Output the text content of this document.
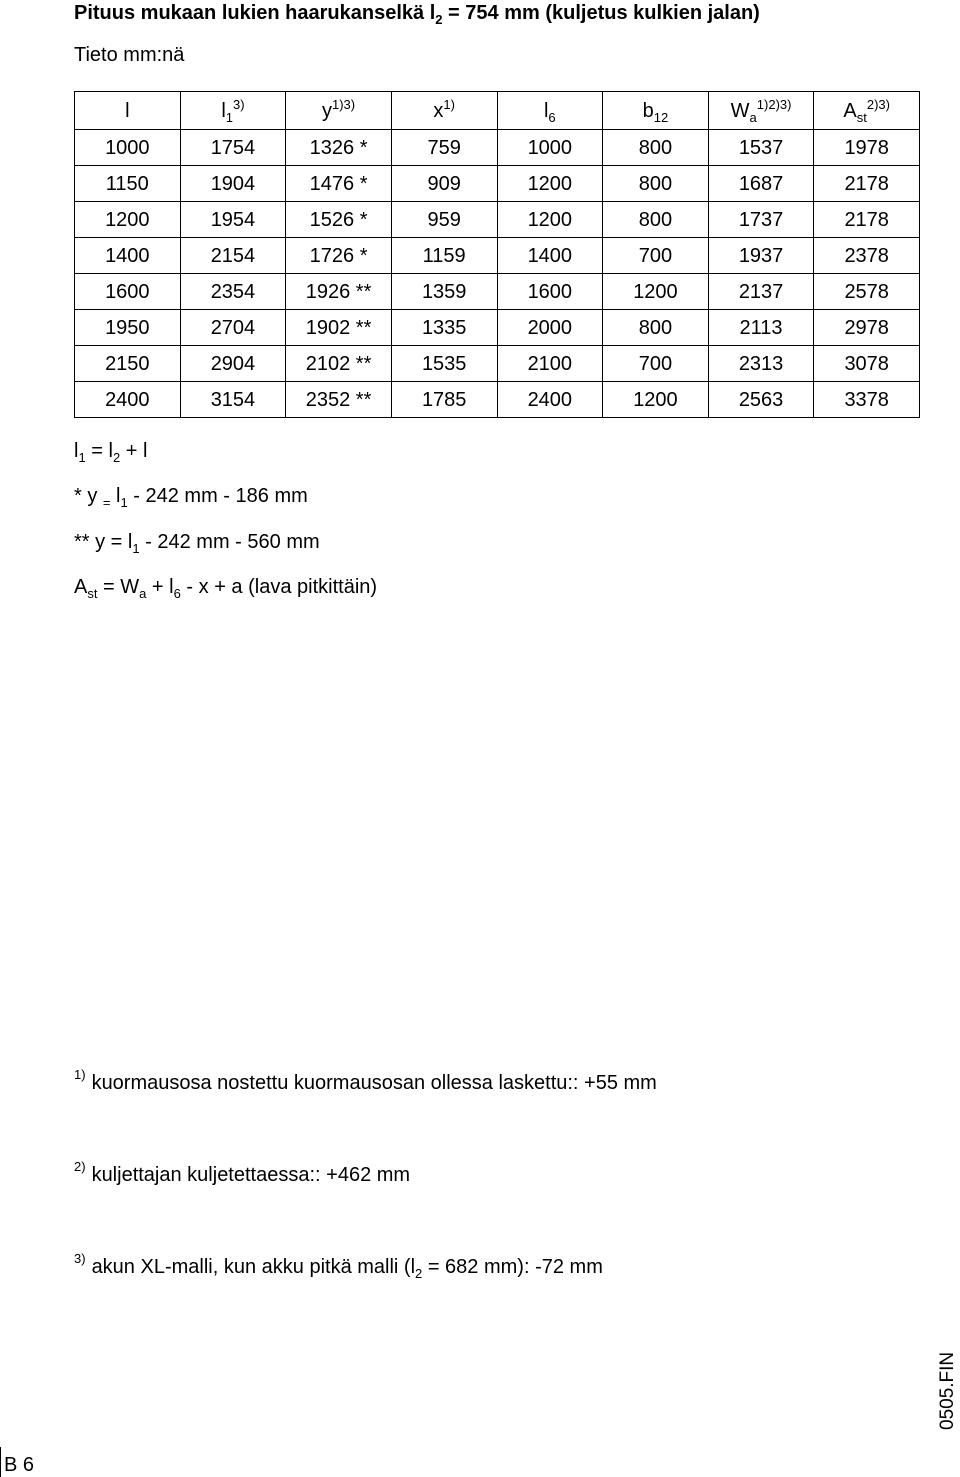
Pituus mukaan lukien haarukanselkä $l_2 = 754$ mm (kuljetus kulkien jalan)
Tieto mm:nä
l	$l_1^{3)}$	$y^{1)3)}$	$x^{1)}$	$l_6$	$b_{12}$	$W_a^{1)2)3)}$	$A_{st}^{2)3)}$
1000	1754	1326 *	759	1000	800	1537	1978
1150	1904	1476 *	909	1200	800	1687	2178
1200	1954	1526 *	959	1200	800	1737	2178
1400	2154	1726 *	1159	1400	700	1937	2378
1600	2354	1926 **	1359	1600	1200	2137	2578
1950	2704	1902 **	1335	2000	800	2113	2978
2150	2904	2102 **	1535	2100	700	2313	3078
2400	3154	2352 **	1785	2400	1200	2563	3378
$l_1 = l_2 + l$
* y $_=$ $l_1 - 242$ mm - 186 mm
** $y = l_1 - 242$ mm - 560 mm
$A_{st} = W_a + l_6 - x + a$ (lava pitkittäin)
$^{1)}$ kuormausosa nostettu kuormausosan ollessa laskettu:: +55 mm
$^{2)}$ kuljettajan kuljetettaessa:: +462 mm
$^{3)}$ akun XL-malli, kun akku pitkä malli ($l_2 = 682$ mm): -72 mm
0505.FIN
B 6
